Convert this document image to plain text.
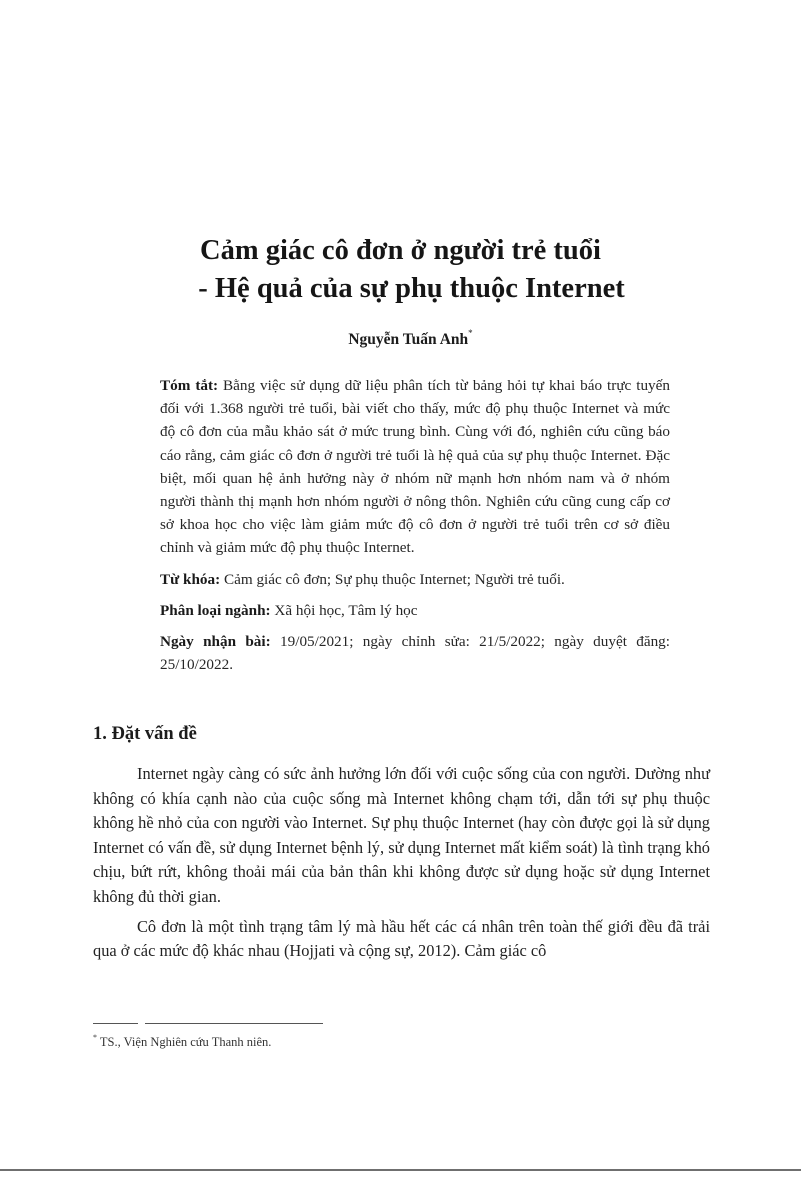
Cảm giác cô đơn ở người trẻ tuổi

- Hệ quả của sự phụ thuộc Internet
Nguyễn Tuấn Anh*

Tóm tắt: Bằng việc sử dụng dữ liệu phân tích từ bảng hỏi tự khai báo trực tuyến đối với 1.368 người trẻ tuổi, bài viết cho thấy, mức độ phụ thuộc Internet và mức độ cô đơn của mẫu khảo sát ở mức trung bình. Cùng với đó, nghiên cứu cũng báo cáo rằng, cảm giác cô đơn ở người trẻ tuổi là hệ quả của sự phụ thuộc Internet. Đặc biệt, mối quan hệ ảnh hưởng này ở nhóm nữ mạnh hơn nhóm nam và ở nhóm người thành thị mạnh hơn nhóm người ở nông thôn. Nghiên cứu cũng cung cấp cơ sở khoa học cho việc làm giảm mức độ cô đơn ở người trẻ tuổi trên cơ sở điều chỉnh và giảm mức độ phụ thuộc Internet.

Từ khóa: Cảm giác cô đơn; Sự phụ thuộc Internet; Người trẻ tuổi.

Phân loại ngành: Xã hội học, Tâm lý học

Ngày nhận bài: 19/05/2021; ngày chỉnh sửa: 21/5/2022; ngày duyệt đăng: 25/10/2022.

1. Đặt vấn đề

Internet ngày càng có sức ảnh hưởng lớn đối với cuộc sống của con người. Dường như không có khía cạnh nào của cuộc sống mà Internet không chạm tới, dẫn tới sự phụ thuộc không hề nhỏ của con người vào Internet. Sự phụ thuộc Internet (hay còn được gọi là sử dụng Internet có vấn đề, sử dụng Internet bệnh lý, sử dụng Internet mất kiểm soát) là tình trạng khó chịu, bứt rứt, không thoải mái của bản thân khi không được sử dụng hoặc sử dụng Internet không đủ thời gian.

Cô đơn là một tình trạng tâm lý mà hầu hết các cá nhân trên toàn thế giới đều đã trải qua ở các mức độ khác nhau (Hojjati và cộng sự, 2012). Cảm giác cô

* TS., Viện Nghiên cứu Thanh niên.
